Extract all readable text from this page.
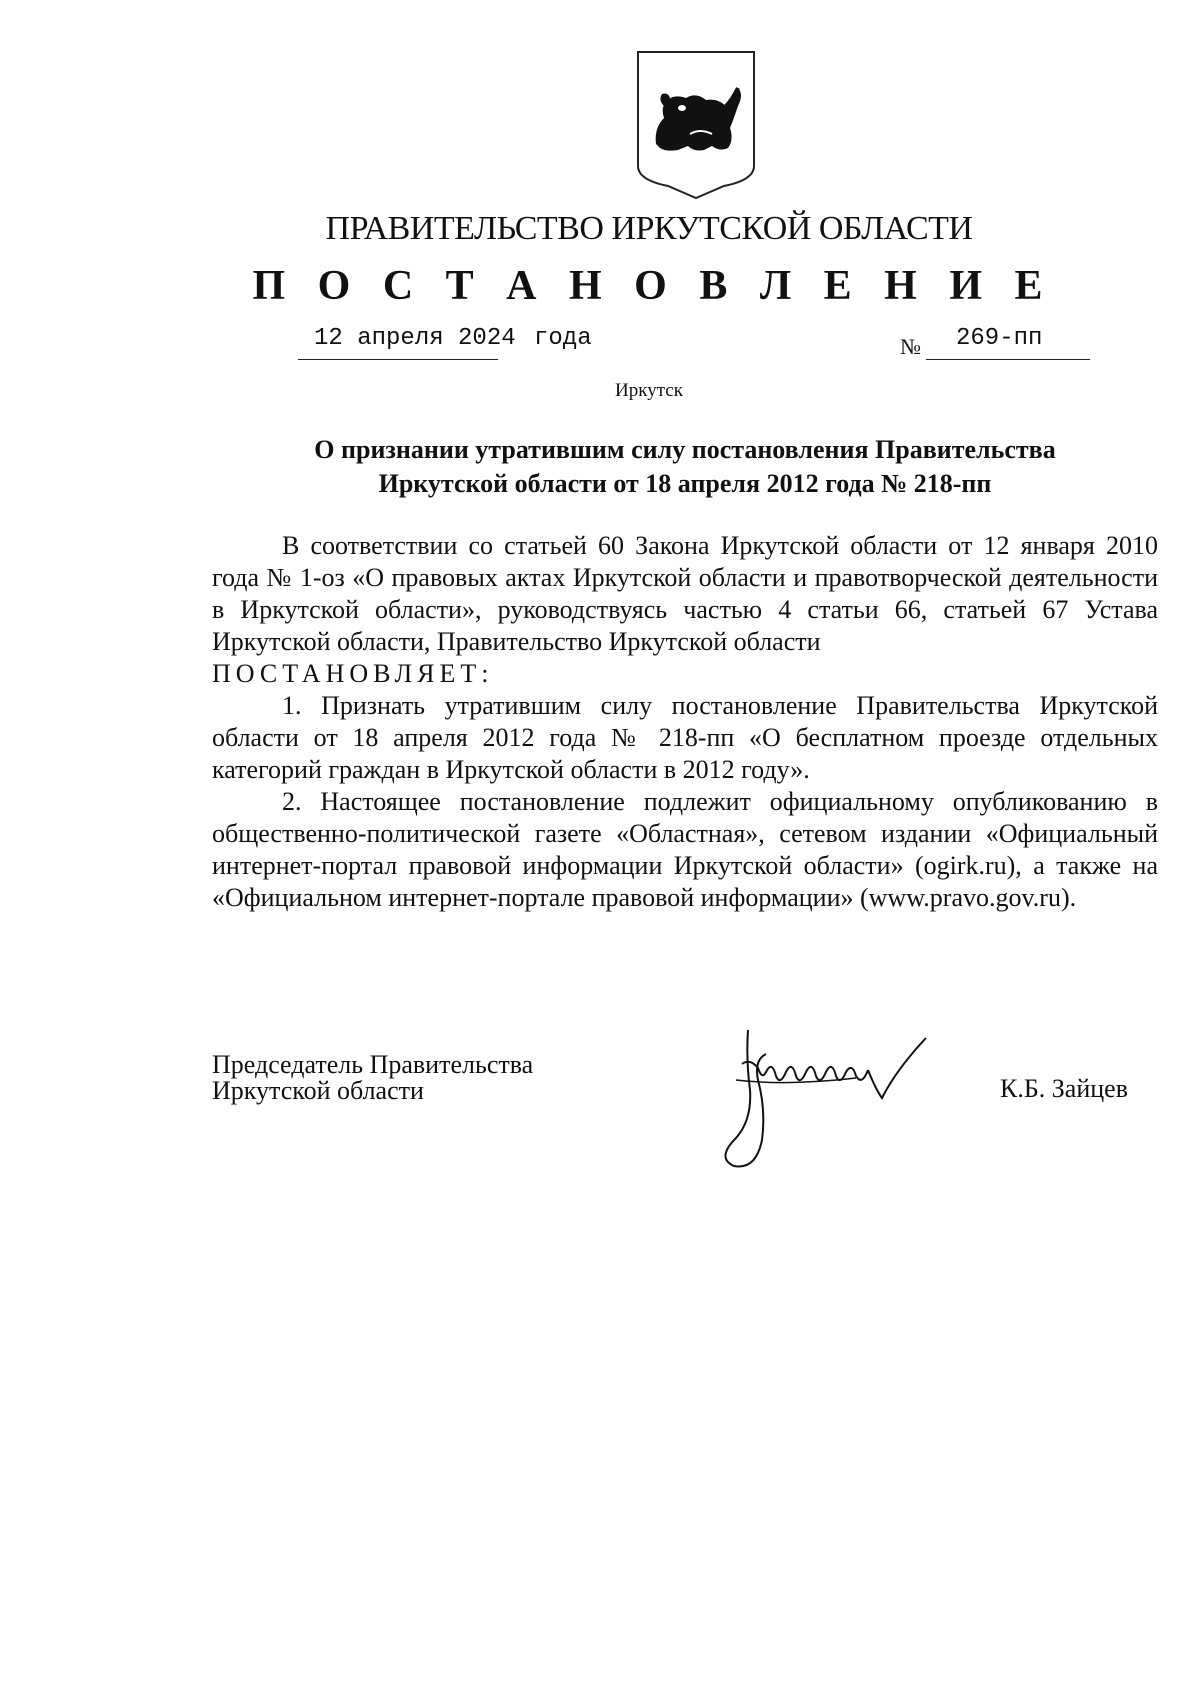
ПРАВИТЕЛЬСТВО ИРКУТСКОЙ ОБЛАСТИ
П О С Т А Н О В Л Е Н И Е
12 апреля 2024 года	№ 269-пп
Иркутск
О признании утратившим силу постановления Правительства
Иркутской области от 18 апреля 2012 года № 218-пп

В соответствии со статьей 60 Закона Иркутской области от 12 января 2010 года № 1-оз «О правовых актах Иркутской области и правотворческой деятельности в Иркутской области», руководствуясь частью 4 статьи 66, статьей 67 Устава Иркутской области, Правительство Иркутской области

ПОСТАНОВЛЯЕТ:

1. Признать утратившим силу постановление Правительства Иркутской области от 18 апреля 2012 года № 218-пп «О бесплатном проезде отдельных категорий граждан в Иркутской области в 2012 году».

2. Настоящее постановление подлежит официальному опубликованию в общественно-политической газете «Областная», сетевом издании «Официальный интернет-портал правовой информации Иркутской области» (ogirk.ru), а также на «Официальном интернет-портале правовой информации» (www.pravo.gov.ru).

Председатель Правительства
Иркутской области	К.Б. Зайцев
